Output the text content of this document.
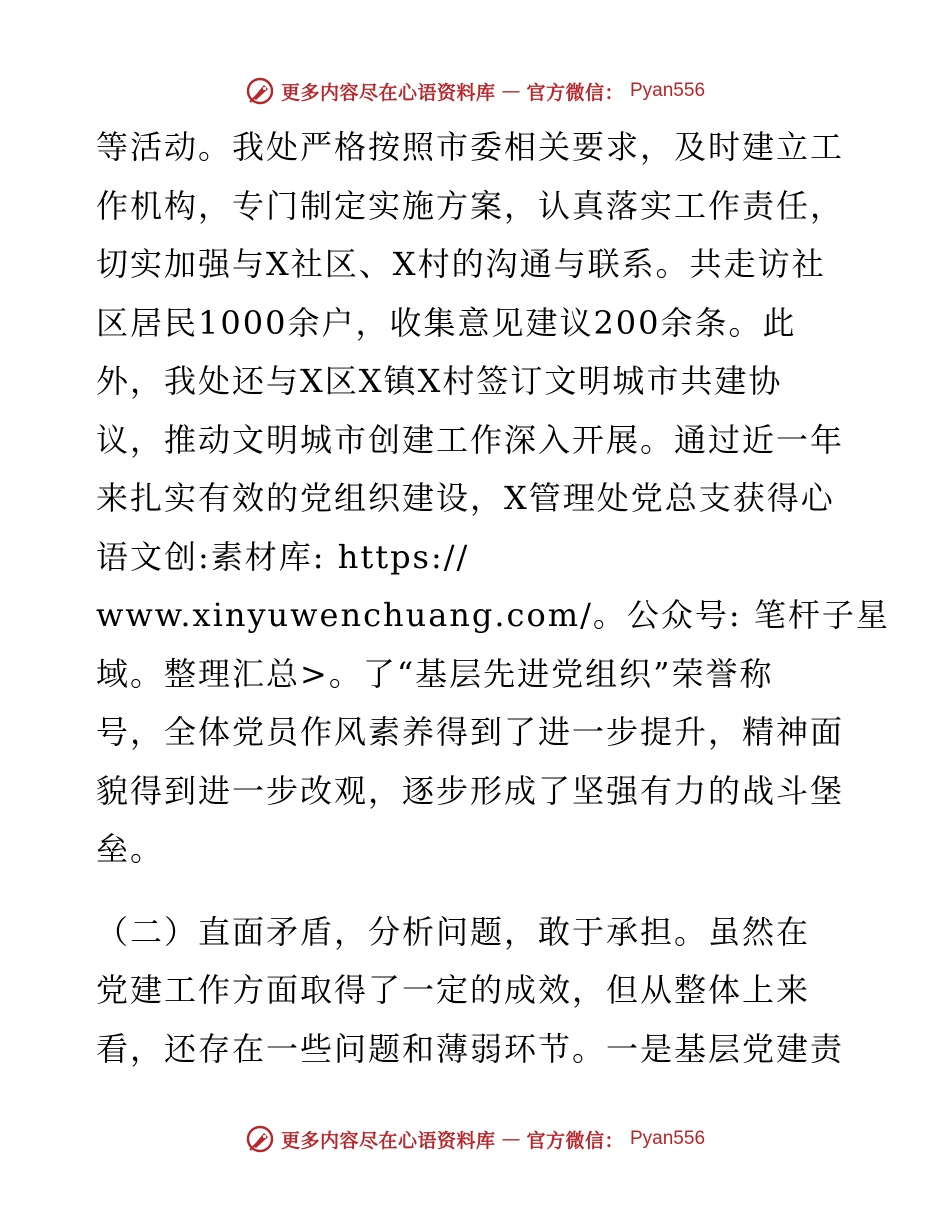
更多内容尽在心语资料库 — 官方微信： Pyan556
等活动。我处严格按照市委相关要求，及时建立工
作机构，专门制定实施方案，认真落实工作责任，
切实加强与X社区、X村的沟通与联系。共走访社
区居民1000余户，收集意见建议200余条。此
外，我处还与X区X镇X村签订文明城市共建协
议，推动文明城市创建工作深入开展。通过近一年
来扎实有效的党组织建设，X管理处党总支获得心
语文创:素材库: https://
www.xinyuwenchuang.com/。公众号: 笔杆子星
域。整理汇总>。了“基层先进党组织”荣誉称
号，全体党员作风素养得到了进一步提升，精神面
貌得到进一步改观，逐步形成了坚强有力的战斗堡
垒。
（二）直面矛盾，分析问题，敢于承担。虽然在
党建工作方面取得了一定的成效，但从整体上来
看，还存在一些问题和薄弱环节。一是基层党建责
更多内容尽在心语资料库 — 官方微信： Pyan556
